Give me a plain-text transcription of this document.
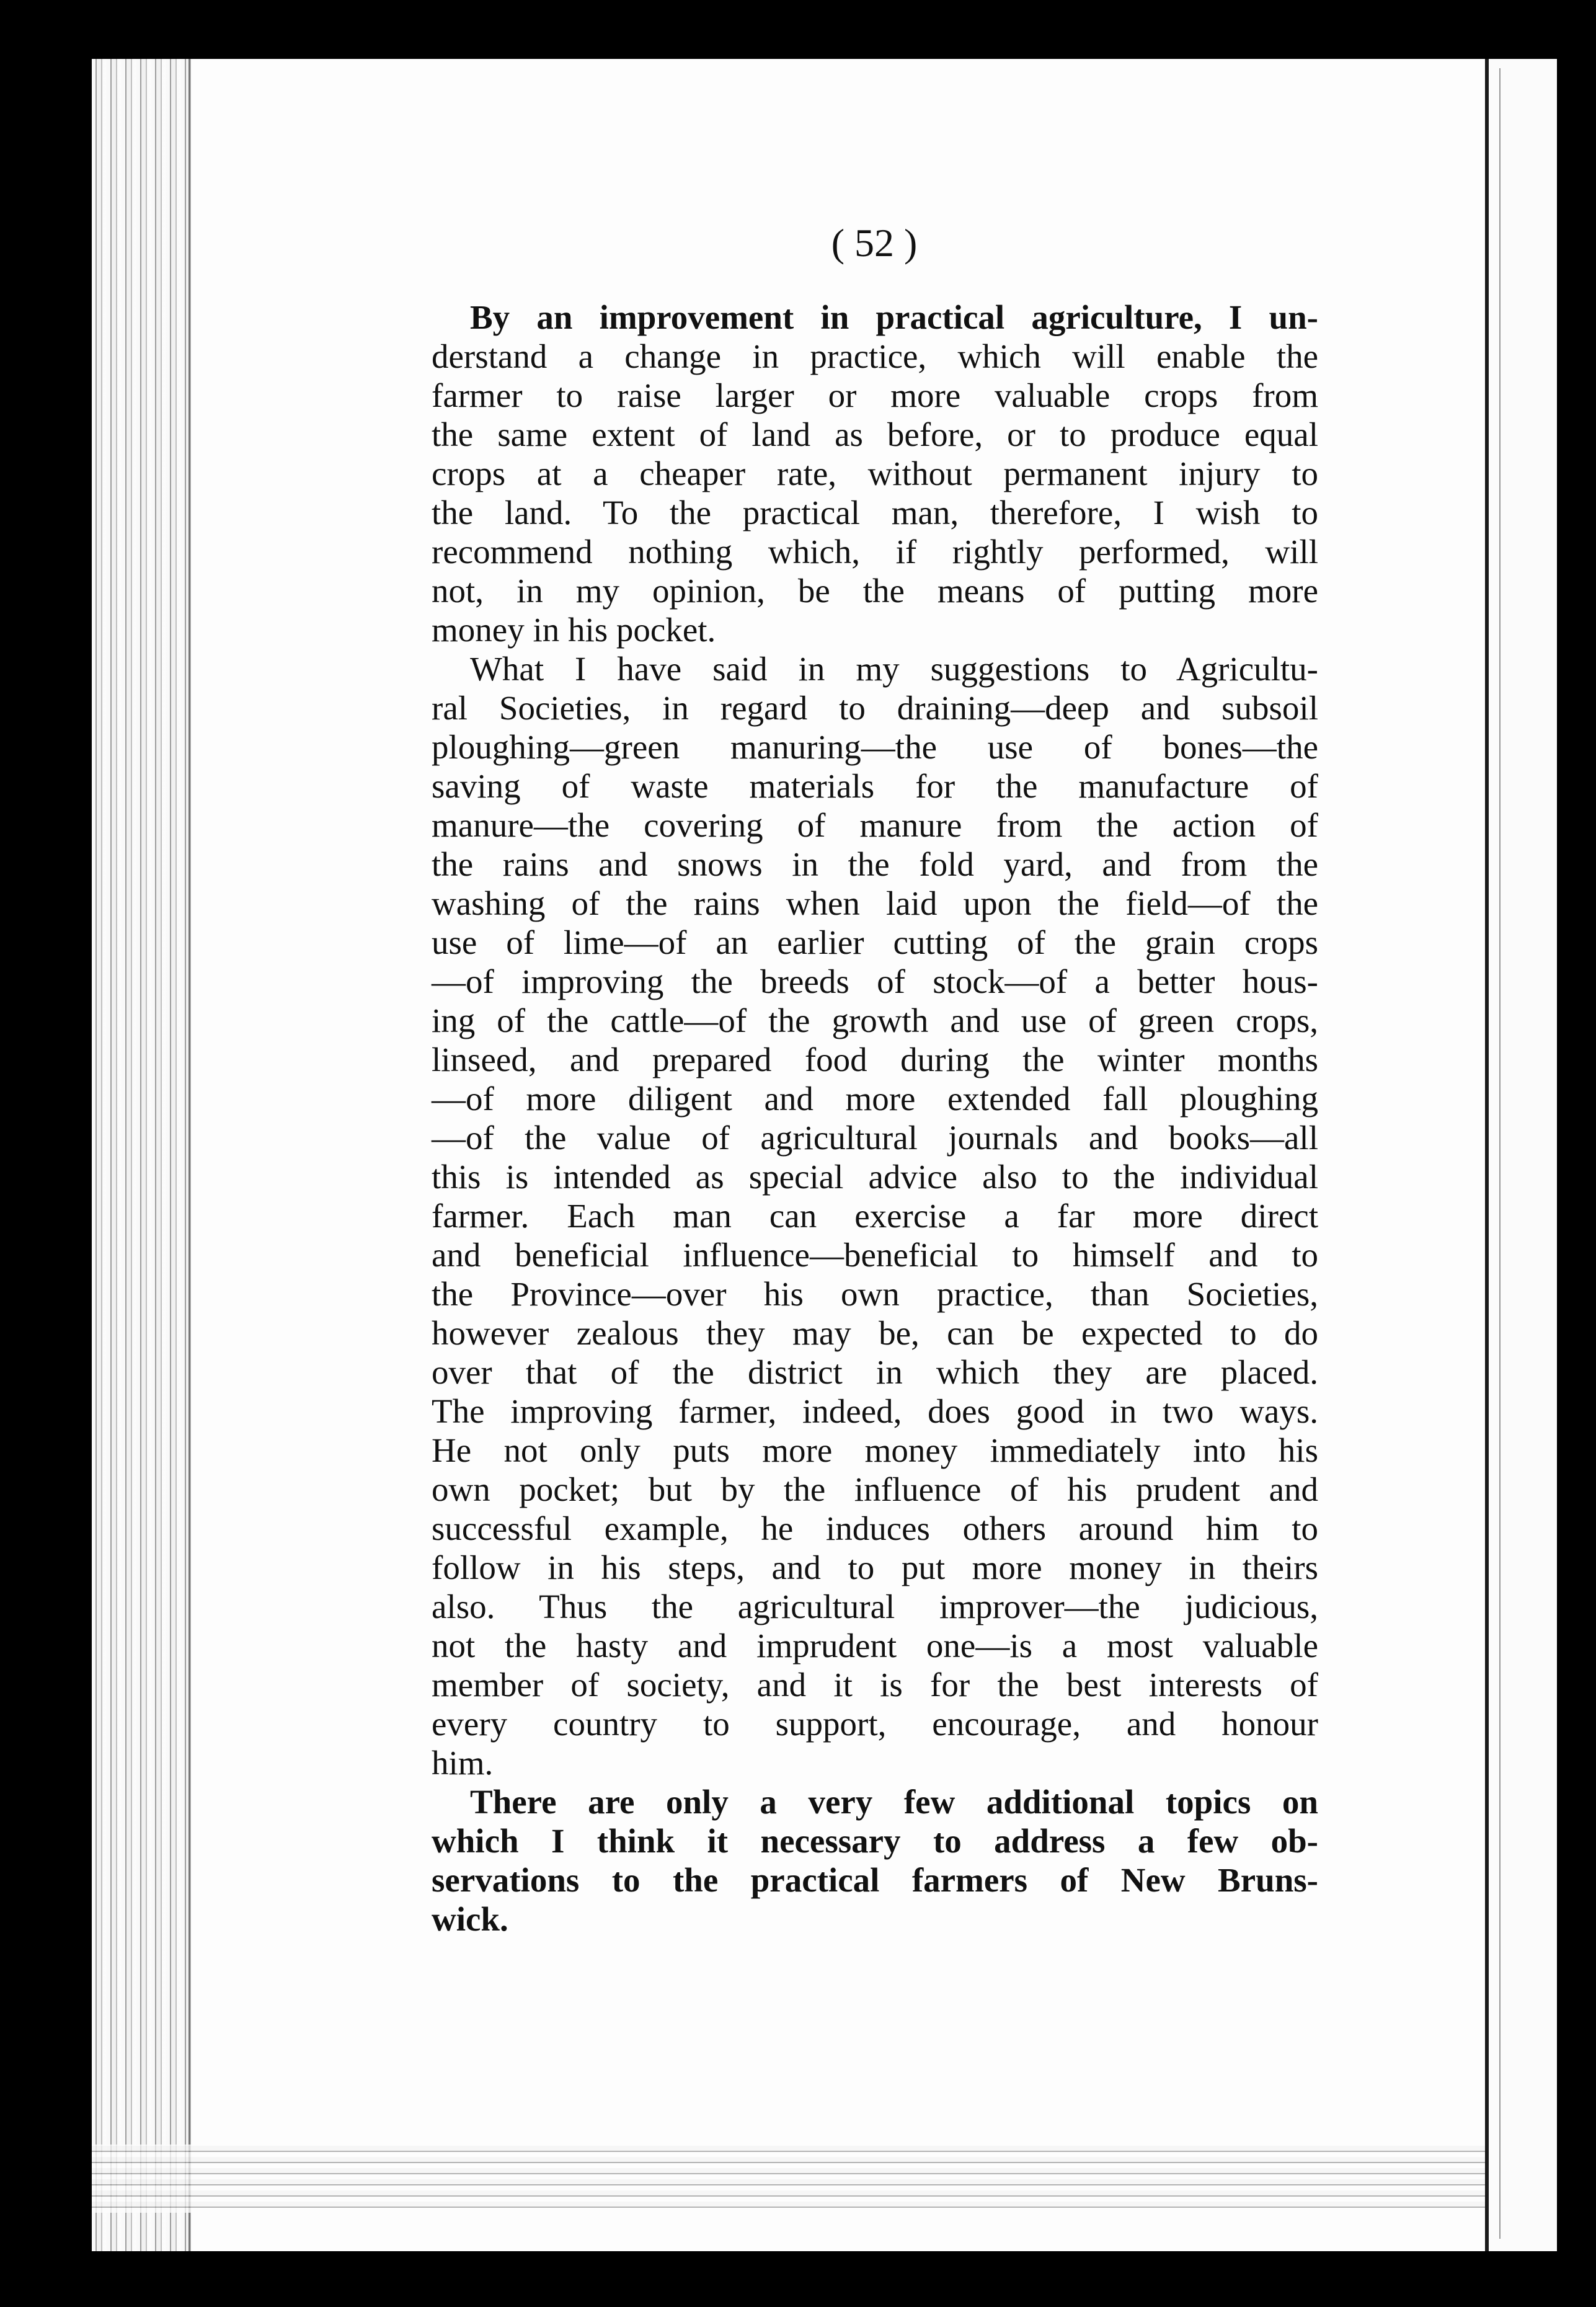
( 52 )
By an improvement in practical agriculture, I un-
derstand a change in practice, which will enable the
farmer to raise larger or more valuable crops from
the same extent of land as before, or to produce equal
crops at a cheaper rate, without permanent injury to
the land. To the practical man, therefore, I wish to
recommend nothing which, if rightly performed, will
not, in my opinion, be the means of putting more
money in his pocket.
What I have said in my suggestions to Agricultu-
ral Societies, in regard to draining—deep and subsoil
ploughing—green manuring—the use of bones—the
saving of waste materials for the manufacture of
manure—the covering of manure from the action of
the rains and snows in the fold yard, and from the
washing of the rains when laid upon the field—of the
use of lime—of an earlier cutting of the grain crops
—of improving the breeds of stock—of a better hous-
ing of the cattle—of the growth and use of green crops,
linseed, and prepared food during the winter months
—of more diligent and more extended fall ploughing
—of the value of agricultural journals and books—all
this is intended as special advice also to the individual
farmer. Each man can exercise a far more direct
and beneficial influence—beneficial to himself and to
the Province—over his own practice, than Societies,
however zealous they may be, can be expected to do
over that of the district in which they are placed.
The improving farmer, indeed, does good in two ways.
He not only puts more money immediately into his
own pocket; but by the influence of his prudent and
successful example, he induces others around him to
follow in his steps, and to put more money in theirs
also. Thus the agricultural improver—the judicious,
not the hasty and imprudent one—is a most valuable
member of society, and it is for the best interests of
every country to support, encourage, and honour
him.
There are only a very few additional topics on
which I think it necessary to address a few ob-
servations to the practical farmers of New Bruns-
wick.
